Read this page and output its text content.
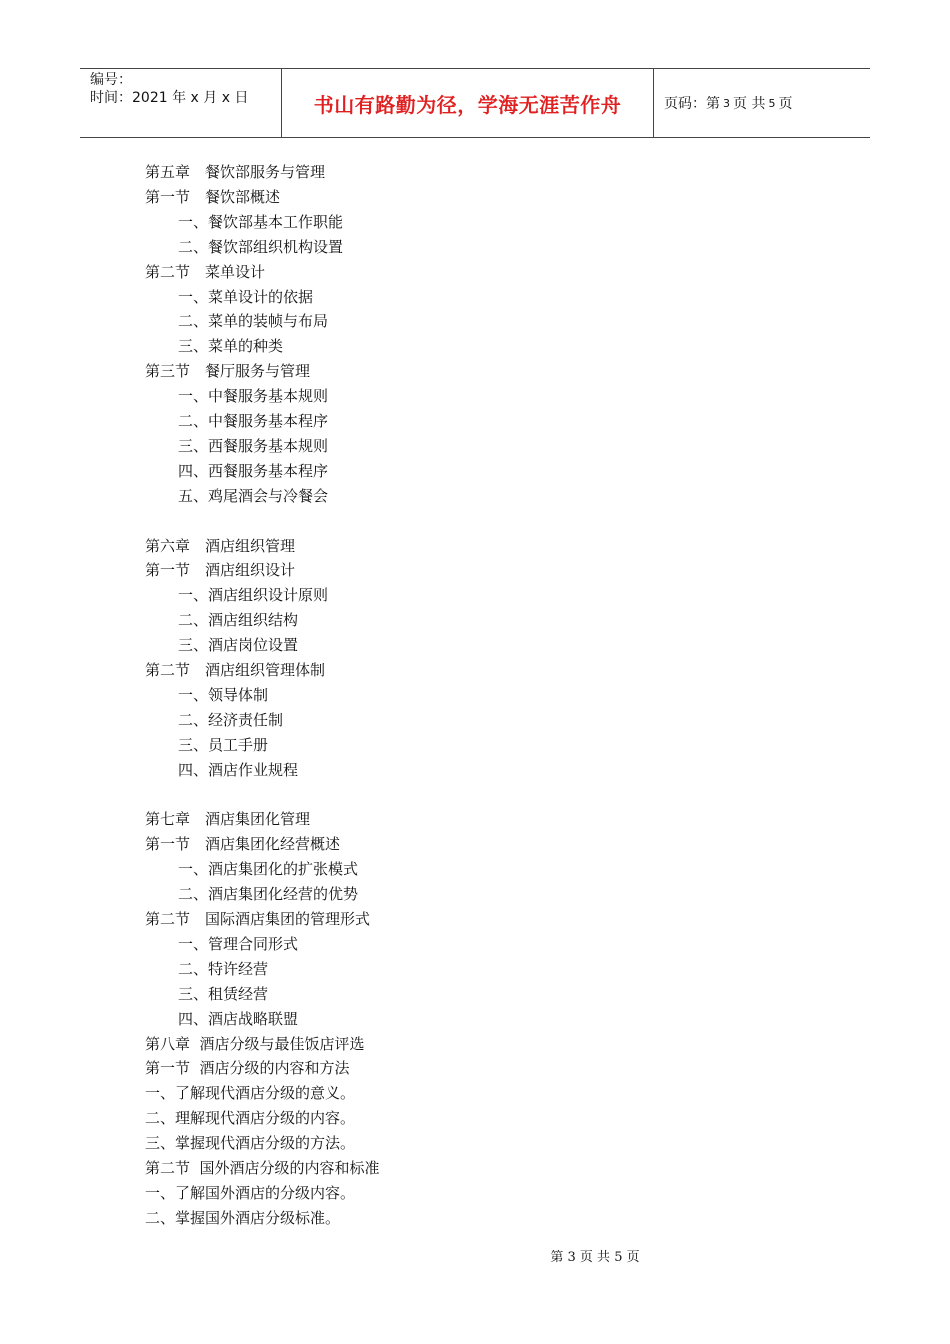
编号：
时间：2021 年 x 月 x 日	书山有路勤为径，学海无涯苦作舟	页码：第 3 页 共 5 页
第五章　餐饮部服务与管理
第一节　餐饮部概述
一、餐饮部基本工作职能
二、餐饮部组织机构设置
第二节　菜单设计
一、菜单设计的依据
二、菜单的装帧与布局
三、菜单的种类
第三节　餐厅服务与管理
一、中餐服务基本规则
二、中餐服务基本程序
三、西餐服务基本规则
四、西餐服务基本程序
五、鸡尾酒会与冷餐会
第六章　酒店组织管理
第一节　酒店组织设计
一、酒店组织设计原则
二、酒店组织结构
三、酒店岗位设置
第二节　酒店组织管理体制
一、领导体制
二、经济责任制
三、员工手册
四、酒店作业规程
第七章　酒店集团化管理
第一节　酒店集团化经营概述
一、酒店集团化的扩张模式
二、酒店集团化经营的优势
第二节　国际酒店集团的管理形式
一、管理合同形式
二、特许经营
三、租赁经营
四、酒店战略联盟
第八章  酒店分级与最佳饭店评选
第一节  酒店分级的内容和方法
一、了解现代酒店分级的意义。
二、理解现代酒店分级的内容。
三、掌握现代酒店分级的方法。
第二节  国外酒店分级的内容和标准
一、了解国外酒店的分级内容。
二、掌握国外酒店分级标准。
第 3 页 共 5 页
